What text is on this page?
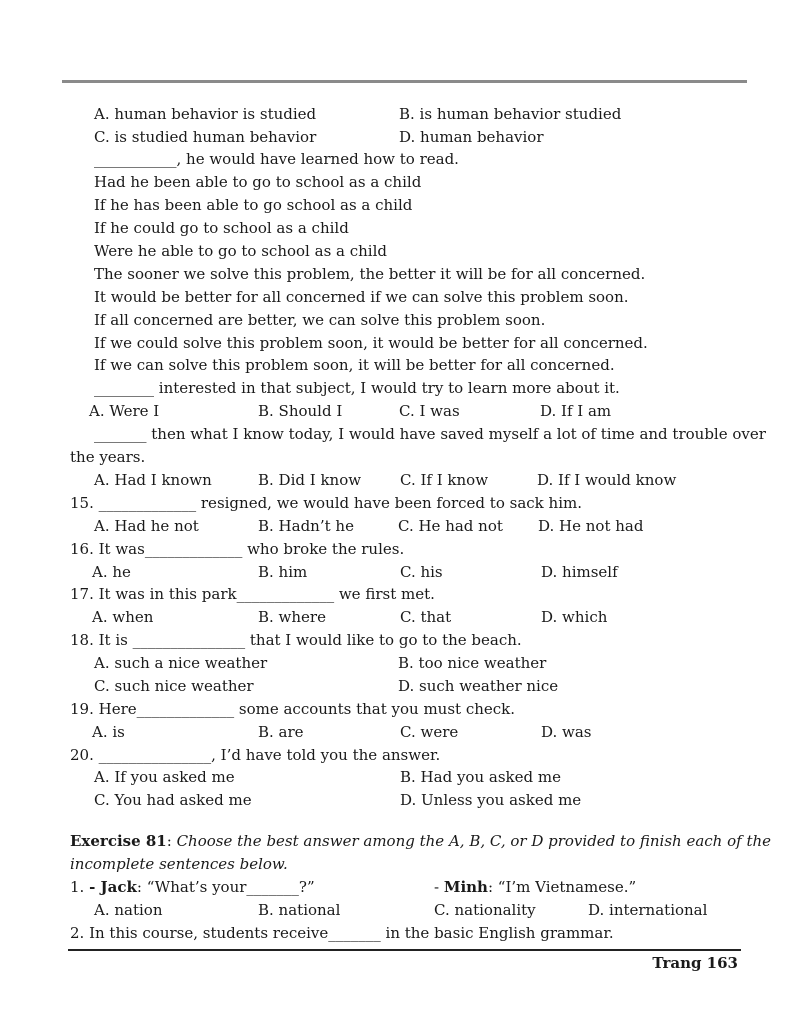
A. human behavior is studied	B. is human behavior studied
C. is studied human behavior	D. human behavior
___________, he would have learned how to read.
Had he been able to go to school as a child
If he has been able to go school as a child
If he could go to school as a child
Were he able to go to school as a child
The sooner we solve this problem, the better it will be for all concerned.
It would be better for all concerned if we can solve this problem soon.
If all concerned are better, we can solve this problem soon.
If we could solve this problem soon, it would be better for all concerned.
If we can solve this problem soon, it will be better for all concerned.
________ interested in that subject, I would try to learn more about it.
A. Were I	B. Should I	C. I was	D. If I am
_______ then what I know today, I would have saved myself a lot of time and trouble over
the years.
A. Had I known	B. Did I know	C. If I know	D. If I would know
15. _____________ resigned, we would have been forced to sack him.
A. Had he not	B. Hadn’t he	C. He had not D. He not had
16. It was_____________ who broke the rules.
A. he	B. him	C. his	D. himself
17. It was in this park_____________ we first met.
A. when	B. where	C. that	D. which
18. It is _______________ that I would like to go to the beach.
A. such a nice weather	B. too nice weather
C. such nice weather	D. such weather nice
19. Here_____________ some accounts that you must check.
A. is	B. are	C. were	D. was
20. _______________, I’d have told you the answer.
A. If you asked me	B. Had you asked me
C. You had asked me	D. Unless you asked me
Exercise 81: Choose the best answer among the A, B, C, or D provided to finish each of the
incomplete sentences below.
1. - Jack: “What’s your_______?”	- Minh: “I’m Vietnamese.”
A. nation	B. national	C. nationality	D. international
2. In this course, students receive_______ in the basic English grammar.
Trang 163
